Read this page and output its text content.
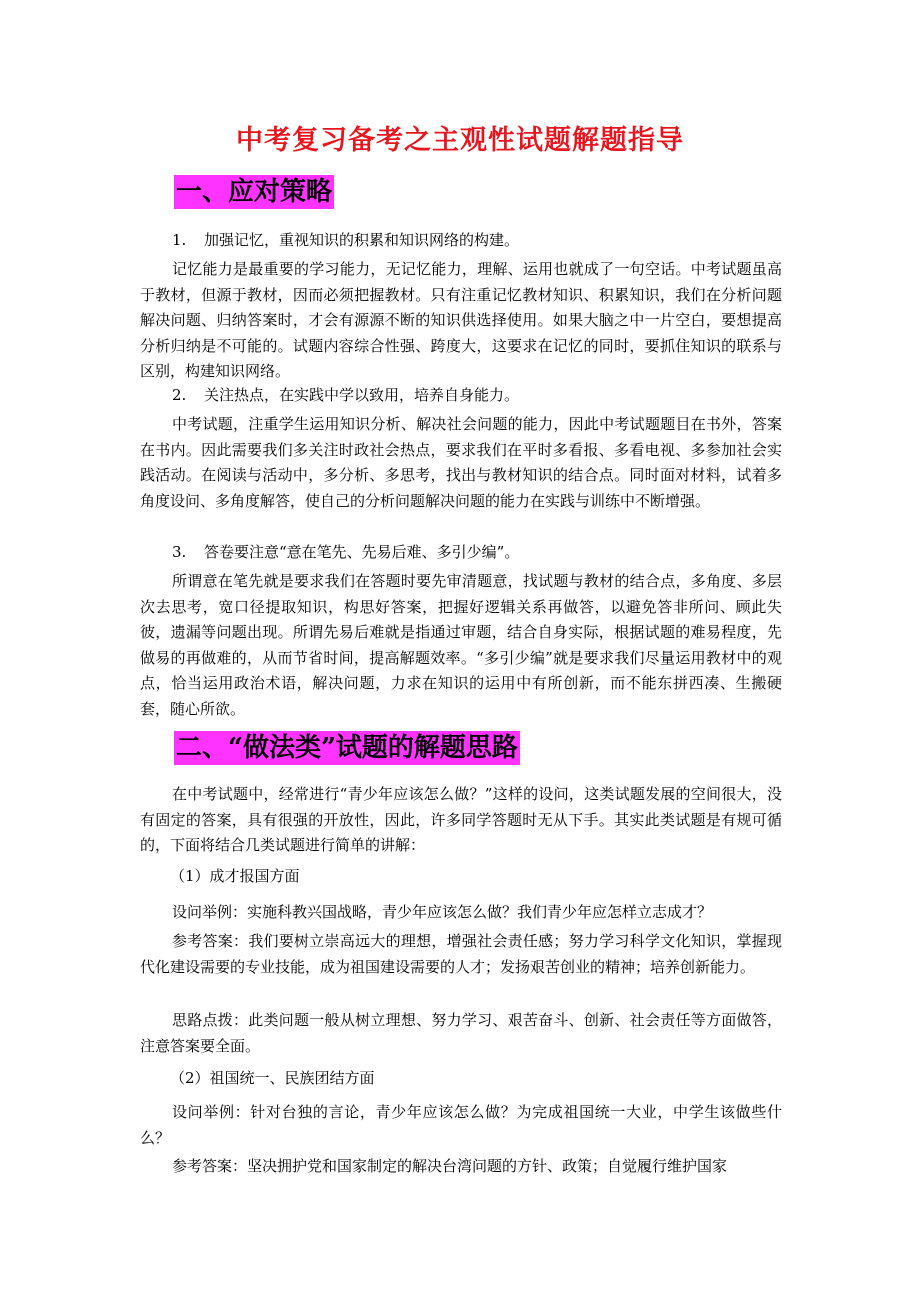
中考复习备考之主观性试题解题指导
一、应对策略

1. 加强记忆，重视知识的积累和知识网络的构建。

记忆能力是最重要的学习能力，无记忆能力，理解、运用也就成了一句空话。中考试题虽高于教材，但源于教材，因而必须把握教材。只有注重记忆教材知识、积累知识，我们在分析问题解决问题、归纳答案时，才会有源源不断的知识供选择使用。如果大脑之中一片空白，要想提高分析归纳是不可能的。试题内容综合性强、跨度大，这要求在记忆的同时，要抓住知识的联系与区别，构建知识网络。

2. 关注热点，在实践中学以致用，培养自身能力。

中考试题，注重学生运用知识分析、解决社会问题的能力，因此中考试题题目在书外，答案在书内。因此需要我们多关注时政社会热点，要求我们在平时多看报、多看电视、多参加社会实践活动。在阅读与活动中，多分析、多思考，找出与教材知识的结合点。同时面对材料，试着多角度设问、多角度解答，使自己的分析问题解决问题的能力在实践与训练中不断增强。

3. 答卷要注意“意在笔先、先易后难、多引少编”。

所谓意在笔先就是要求我们在答题时要先审清题意，找试题与教材的结合点，多角度、多层次去思考，宽口径提取知识，构思好答案，把握好逻辑关系再做答，以避免答非所问、顾此失彼，遗漏等问题出现。所谓先易后难就是指通过审题，结合自身实际，根据试题的难易程度，先做易的再做难的，从而节省时间，提高解题效率。“多引少编”就是要求我们尽量运用教材中的观点，恰当运用政治术语，解决问题，力求在知识的运用中有所创新，而不能东拼西凑、生搬硬套，随心所欲。

二、“做法类”试题的解题思路

在中考试题中，经常进行“青少年应该怎么做？”这样的设问，这类试题发展的空间很大，没有固定的答案，具有很强的开放性，因此，许多同学答题时无从下手。其实此类试题是有规可循的，下面将结合几类试题进行简单的讲解：

（1）成才报国方面

设问举例：实施科教兴国战略，青少年应该怎么做？我们青少年应怎样立志成才？

参考答案：我们要树立崇高远大的理想，增强社会责任感；努力学习科学文化知识，掌握现代化建设需要的专业技能，成为祖国建设需要的人才；发扬艰苦创业的精神；培养创新能力。

思路点拨：此类问题一般从树立理想、努力学习、艰苦奋斗、创新、社会责任等方面做答，注意答案要全面。

（2）祖国统一、民族团结方面

设问举例：针对台独的言论，青少年应该怎么做？为完成祖国统一大业，中学生该做些什么？

参考答案：坚决拥护党和国家制定的解决台湾问题的方针、政策；自觉履行维护国家
